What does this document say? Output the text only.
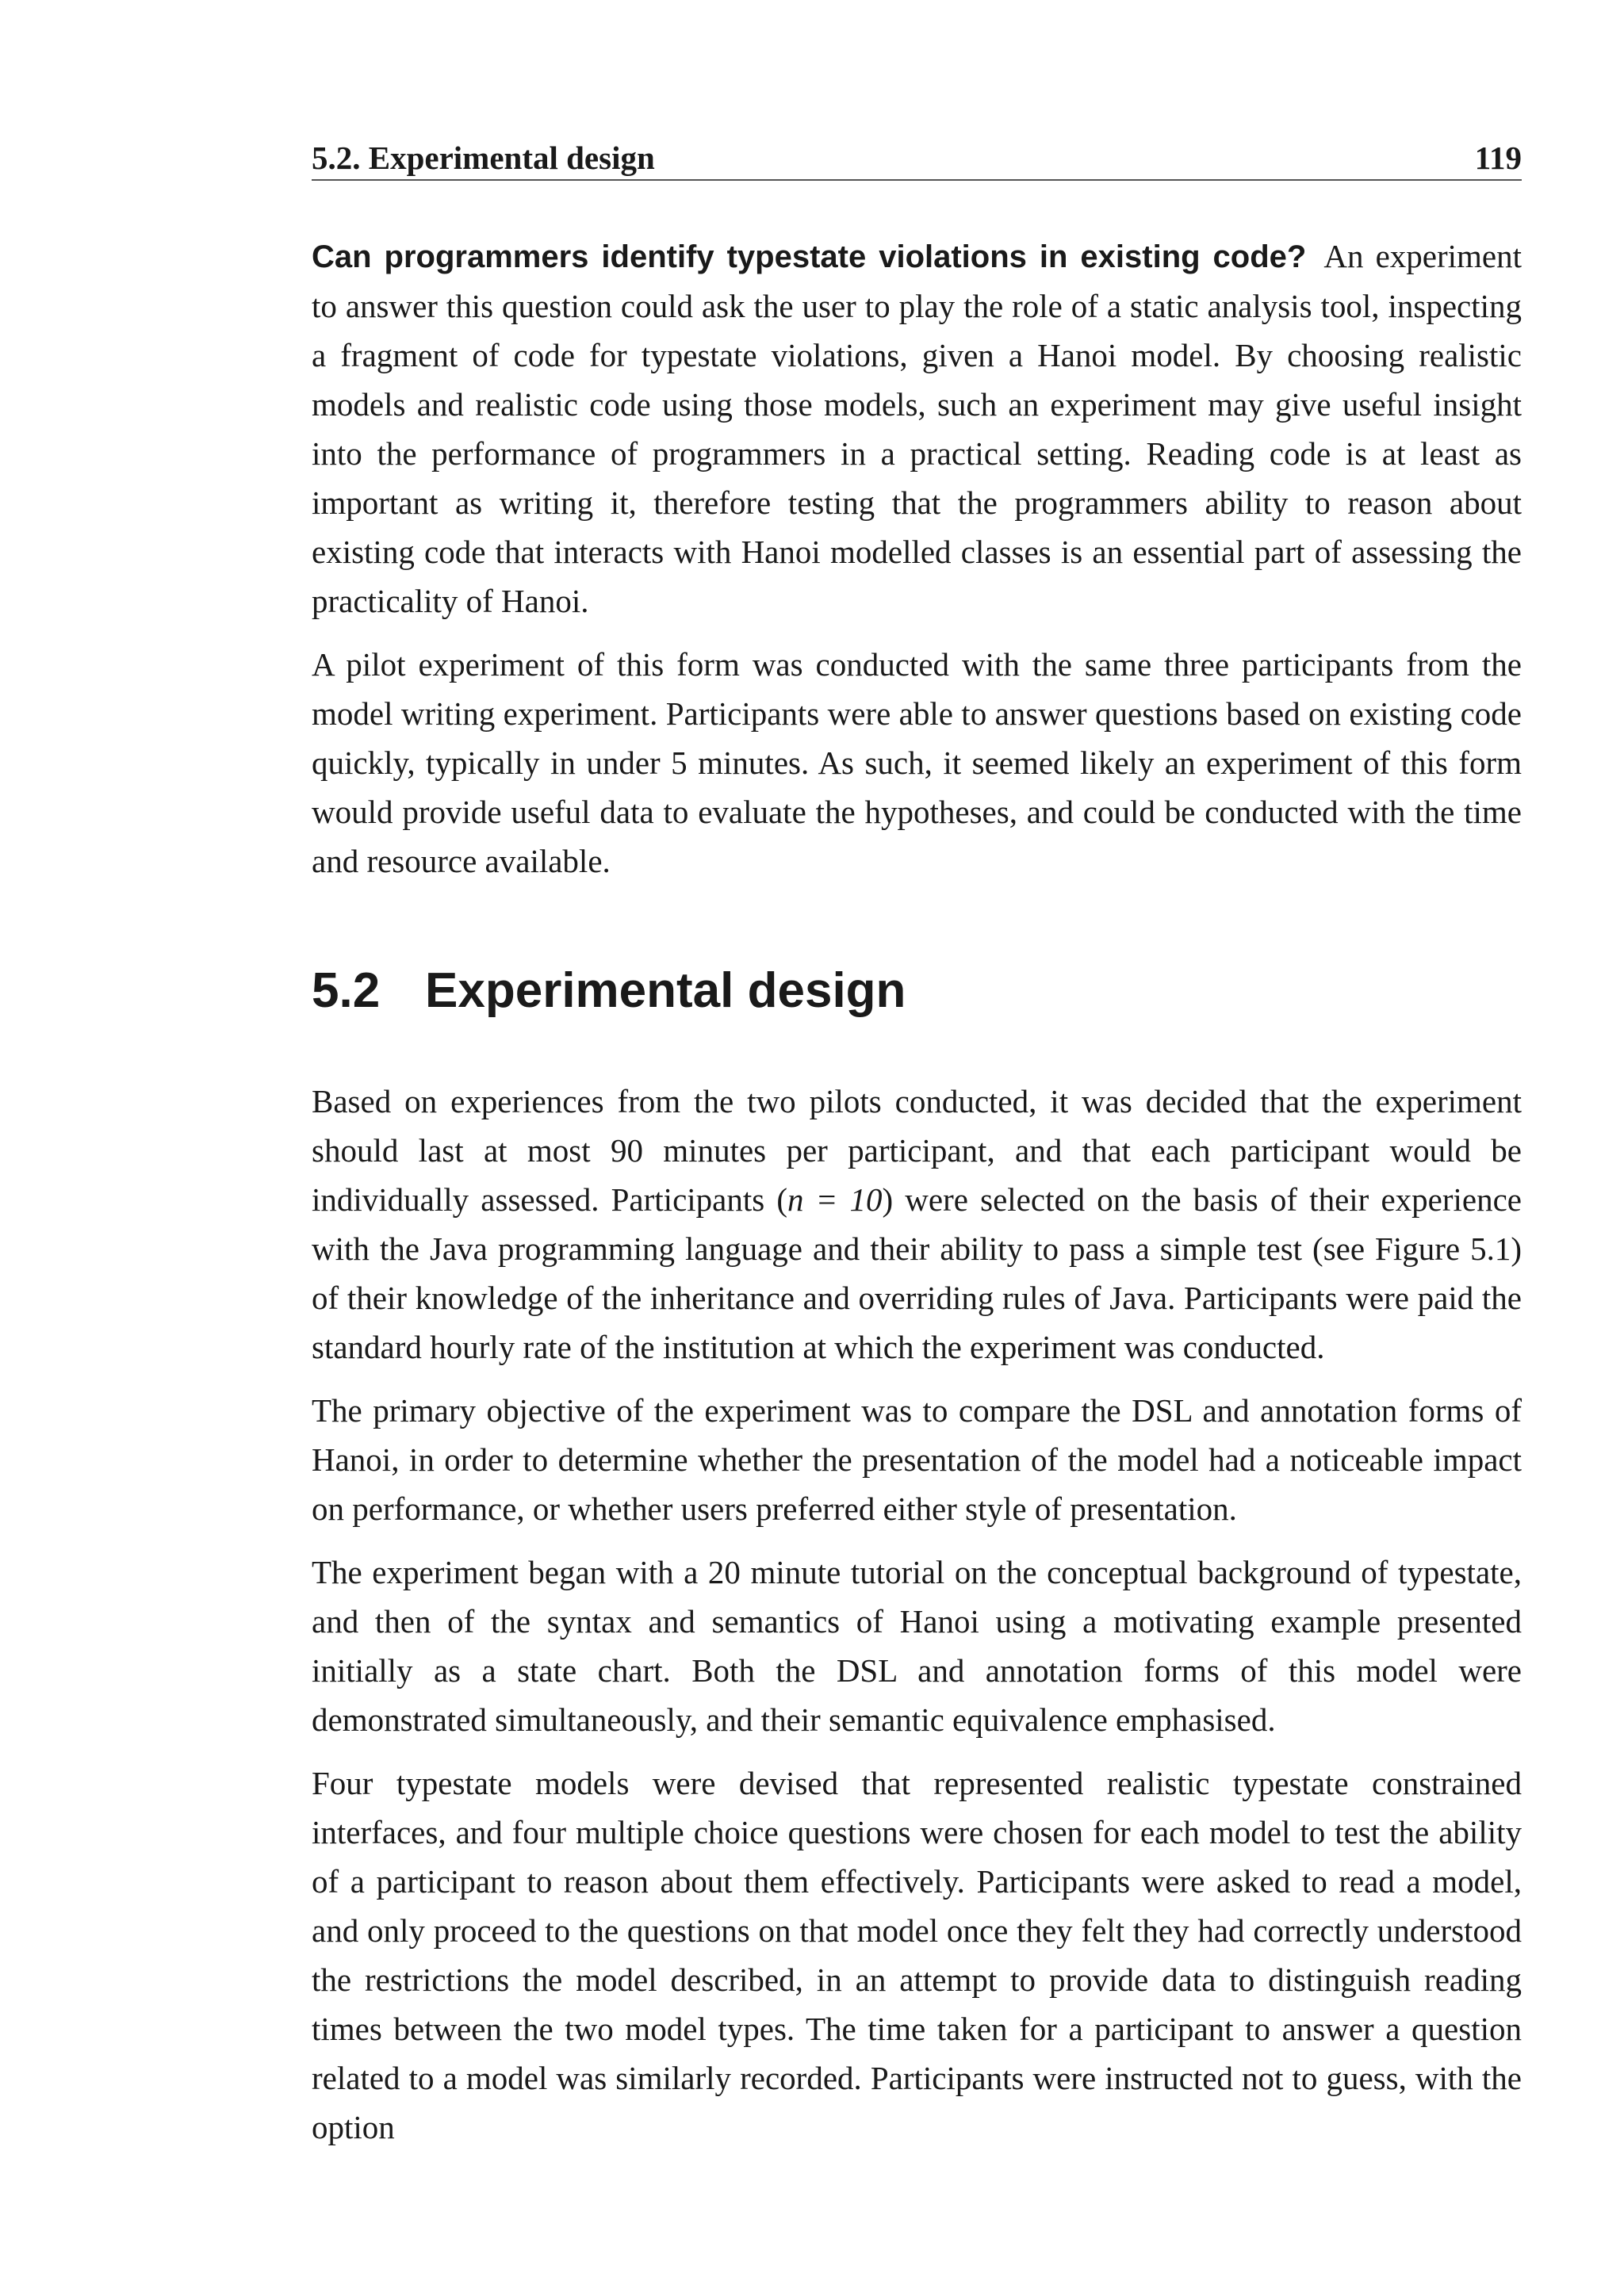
5.2. Experimental design	119

Can programmers identify typestate violations in existing code? An experiment to answer this question could ask the user to play the role of a static analysis tool, inspecting a fragment of code for typestate violations, given a Hanoi model. By choosing realistic models and realistic code using those models, such an experiment may give useful insight into the performance of programmers in a practical setting. Reading code is at least as important as writing it, therefore testing that the programmers ability to reason about existing code that interacts with Hanoi modelled classes is an essential part of assessing the practicality of Hanoi.

A pilot experiment of this form was conducted with the same three participants from the model writing experiment. Participants were able to answer questions based on existing code quickly, typically in under 5 minutes. As such, it seemed likely an experiment of this form would provide useful data to evaluate the hypotheses, and could be conducted with the time and resource available.

5.2 Experimental design

Based on experiences from the two pilots conducted, it was decided that the experiment should last at most 90 minutes per participant, and that each participant would be individually assessed. Participants (n = 10) were selected on the basis of their experience with the Java programming language and their ability to pass a simple test (see Figure 5.1) of their knowledge of the inheritance and overriding rules of Java. Participants were paid the standard hourly rate of the institution at which the experiment was conducted.

The primary objective of the experiment was to compare the DSL and annotation forms of Hanoi, in order to determine whether the presentation of the model had a noticeable impact on performance, or whether users preferred either style of presentation.

The experiment began with a 20 minute tutorial on the conceptual background of typestate, and then of the syntax and semantics of Hanoi using a motivating example presented initially as a state chart. Both the DSL and annotation forms of this model were demonstrated simultaneously, and their semantic equivalence emphasised.

Four typestate models were devised that represented realistic typestate constrained interfaces, and four multiple choice questions were chosen for each model to test the ability of a participant to reason about them effectively. Participants were asked to read a model, and only proceed to the questions on that model once they felt they had correctly understood the restrictions the model described, in an attempt to provide data to distinguish reading times between the two model types. The time taken for a participant to answer a question related to a model was similarly recorded. Participants were instructed not to guess, with the option
